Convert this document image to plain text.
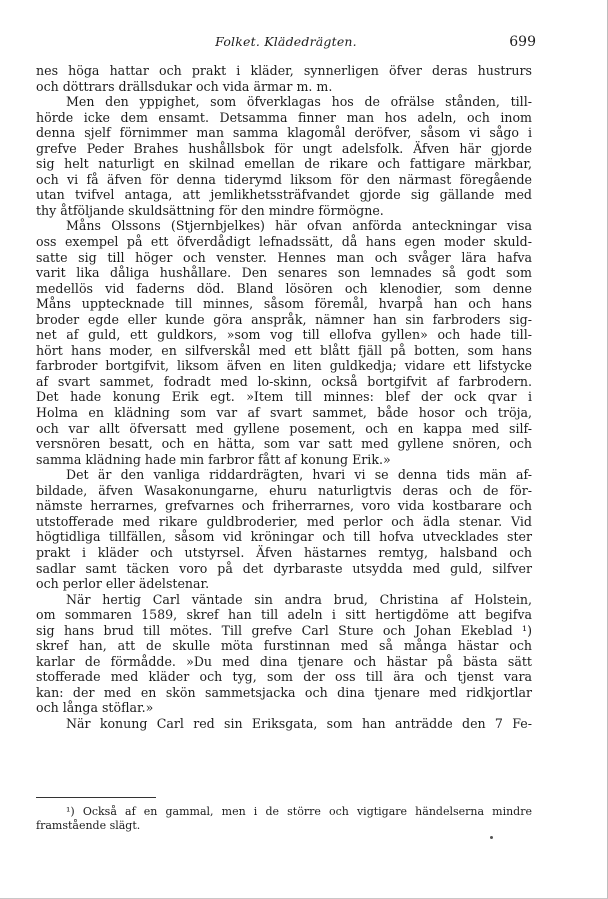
Folket. Klädedrägten.	699
nes höga hattar och prakt i kläder, synnerligen öfver deras hustrurs
och döttrars drällsdukar och vida ärmar m. m.
Men den yppighet, som öfverklagas hos de ofrälse stånden, till-
hörde icke dem ensamt. Detsamma finner man hos adeln, och inom
denna sjelf förnimmer man samma klagomål deröfver, såsom vi sågo i
grefve Peder Brahes hushållsbok för ungt adelsfolk. Äfven här gjorde
sig helt naturligt en skilnad emellan de rikare och fattigare märkbar,
och vi få äfven för denna tiderymd liksom för den närmast föregående
utan tvifvel antaga, att jemlikhetssträfvandet gjorde sig gällande med
thy åtföljande skuldsättning för den mindre förmögne.
Måns Olssons (Stjernbjelkes) här ofvan anförda anteckningar visa
oss exempel på ett öfverdådigt lefnadssätt, då hans egen moder skuld-
satte sig till höger och venster. Hennes man och svåger lära hafva
varit lika dåliga hushållare. Den senares son lemnades så godt som
medellös vid faderns död. Bland lösören och klenodier, som denne
Måns upptecknade till minnes, såsom föremål, hvarpå han och hans
broder egde eller kunde göra anspråk, nämner han sin farbroders sig-
net af guld, ett guldkors, »som vog till ellofva gyllen» och hade till-
hört hans moder, en silfverskål med ett blått fjäll på botten, som hans
farbroder bortgifvit, liksom äfven en liten guldkedja; vidare ett lifstycke
af svart sammet, fodradt med lo-skinn, också bortgifvit af farbrodern.
Det hade konung Erik egt. »Item till minnes: blef der ock qvar i
Holma en klädning som var af svart sammet, både hosor och tröja,
och var allt öfversatt med gyllene posement, och en kappa med silf-
versnören besatt, och en hätta, som var satt med gyllene snören, och
samma klädning hade min farbror fått af konung Erik.»
Det är den vanliga riddardrägten, hvari vi se denna tids män af-
bildade, äfven Wasakonungarne, ehuru naturligtvis deras och de för-
nämste herrarnes, grefvarnes och friherrarnes, voro vida kostbarare och
utstofferade med rikare guldbroderier, med perlor och ädla stenar. Vid
högtidliga tillfällen, såsom vid kröningar och till hofva utvecklades ster
prakt i kläder och utstyrsel. Äfven hästarnes remtyg, halsband och
sadlar samt täcken voro på det dyrbaraste utsydda med guld, silfver
och perlor eller ädelstenar.
När hertig Carl väntade sin andra brud, Christina af Holstein,
om sommaren 1589, skref han till adeln i sitt hertigdöme att begifva
sig hans brud till mötes. Till grefve Carl Sture och Johan Ekeblad ¹)
skref han, att de skulle möta furstinnan med så många hästar och
karlar de förmådde. »Du med dina tjenare och hästar på bästa sätt
stofferade med kläder och tyg, som der oss till ära och tjenst vara
kan: der med en skön sammetsjacka och dina tjenare med ridkjortlar
och långa stöflar.»
När konung Carl red sin Eriksgata, som han anträdde den 7 Fe-
¹) Också af en gammal, men i de större och vigtigare händelserna mindre
framstående slägt.
